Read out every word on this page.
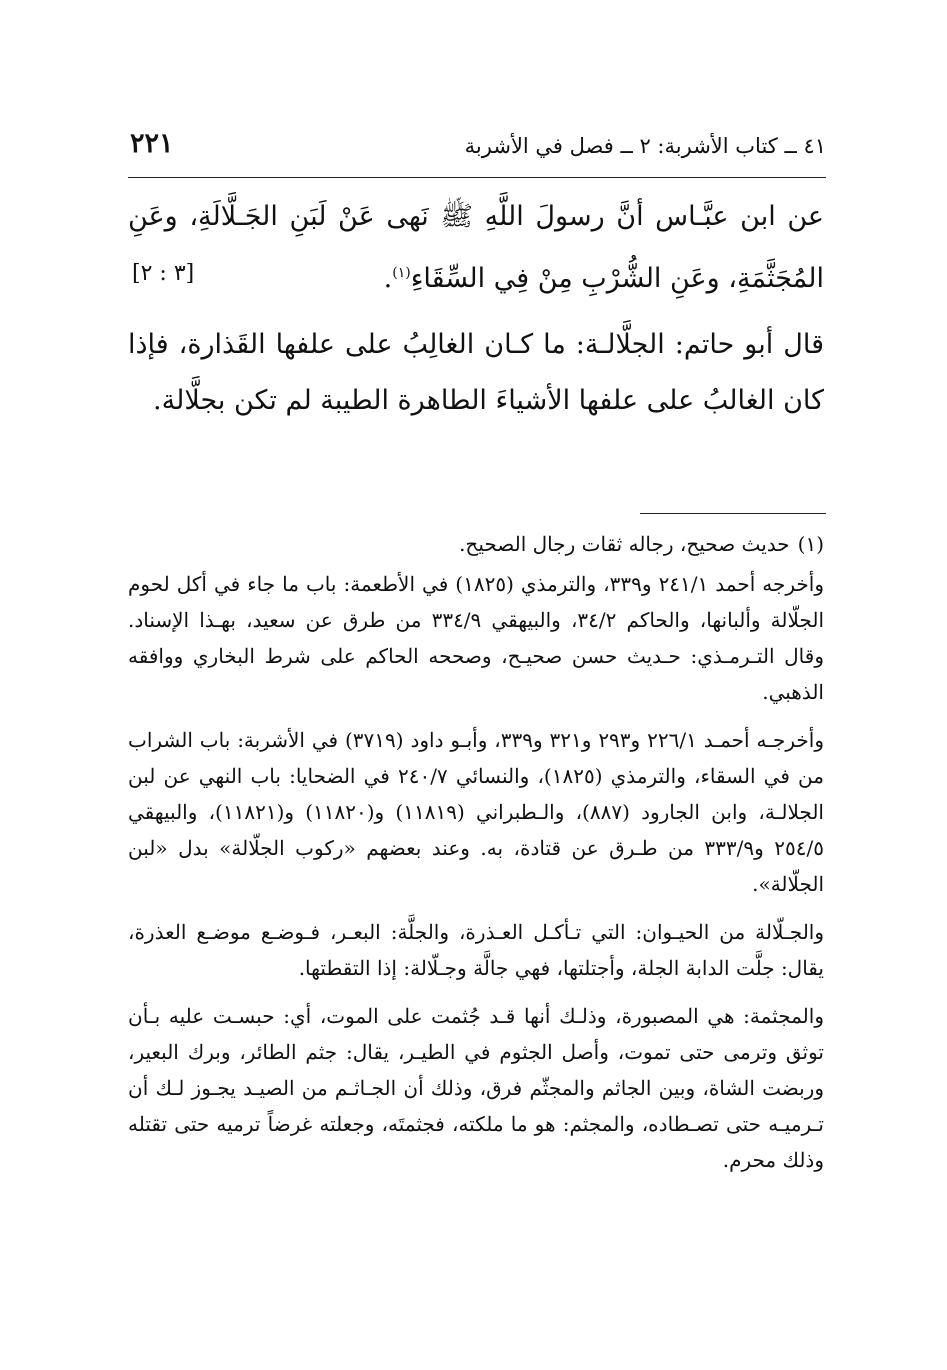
٤١ ــ كتاب الأشربة: ٢ ــ فصل في الأشربة
٢٢١

عن ابن عبَّـاس أنَّ رسولَ اللَّهِ ﷺ نَهى عَنْ لَبَنِ الجَـلَّالَةِ، وعَنِ المُجَثَّمَةِ، وعَنِ الشُّرْبِ مِنْ فِي السِّقَاءِ$^{(١)}$.
[٣ : ٢]

قال أبو حاتم: الجلَّالـة: ما كـان الغالِبُ على علفها القَذارة، فإذا كان الغالبُ على علفها الأشياءَ الطاهرة الطيبة لم تكن بجلَّالة.

(١)حديث صحيح، رجاله ثقات رجال الصحيح.

وأخرجه أحمد ٢٤١/١ و٣٣٩، والترمذي (١٨٢٥) في الأطعمة: باب ما جاء في أكل لحوم الجلّالة وألبانها، والحاكم ٣٤/٢، والبيهقي ٣٣٤/٩ من طرق عن سعيد، بهـذا الإسناد. وقال التـرمـذي: حـديث حسن صحيـح، وصححه الحاكم على شرط البخاري ووافقه الذهبي.

وأخرجـه أحمـد ٢٢٦/١ و٢٩٣ و٣٢١ و٣٣٩، وأبـو داود (٣٧١٩) في الأشربة: باب الشراب من في السقاء، والترمذي (١٨٢٥)، والنسائي ٢٤٠/٧ في الضحايا: باب النهي عن لبن الجلالـة، وابن الجارود (٨٨٧)، والـطبراني (١١٨١٩) و(١١٨٢٠) و(١١٨٢١)، والبيهقي ٢٥٤/٥ و٣٣٣/٩ من طـرق عن قتادة، به. وعند بعضهم «ركوب الجلّالة» بدل «لبن الجلّالة».

والجـلّالة من الحيـوان: التي تـأكـل العـذرة، والجلَّة: البعـر، فـوضـع موضـع العذرة، يقال: جلَّت الدابة الجلة، وأجتلتها، فهي جالَّة وجـلّالة: إذا التقطتها.

والمجثمة: هي المصبورة، وذلـك أنها قـد جُثمت على الموت، أي: حبسـت عليه بـأن توثق وترمى حتى تموت، وأصل الجثوم في الطيـر، يقال: جثم الطائر، وبرك البعير، وربضت الشاة، وبين الجاثم والمجثّم فرق، وذلك أن الجـاثـم من الصيـد يجـوز لـك أن تـرميـه حتى تصـطاده، والمجثم: هو ما ملكته، فجثمتَه، وجعلته غرضاً ترميه حتى تقتله وذلك محرم.
